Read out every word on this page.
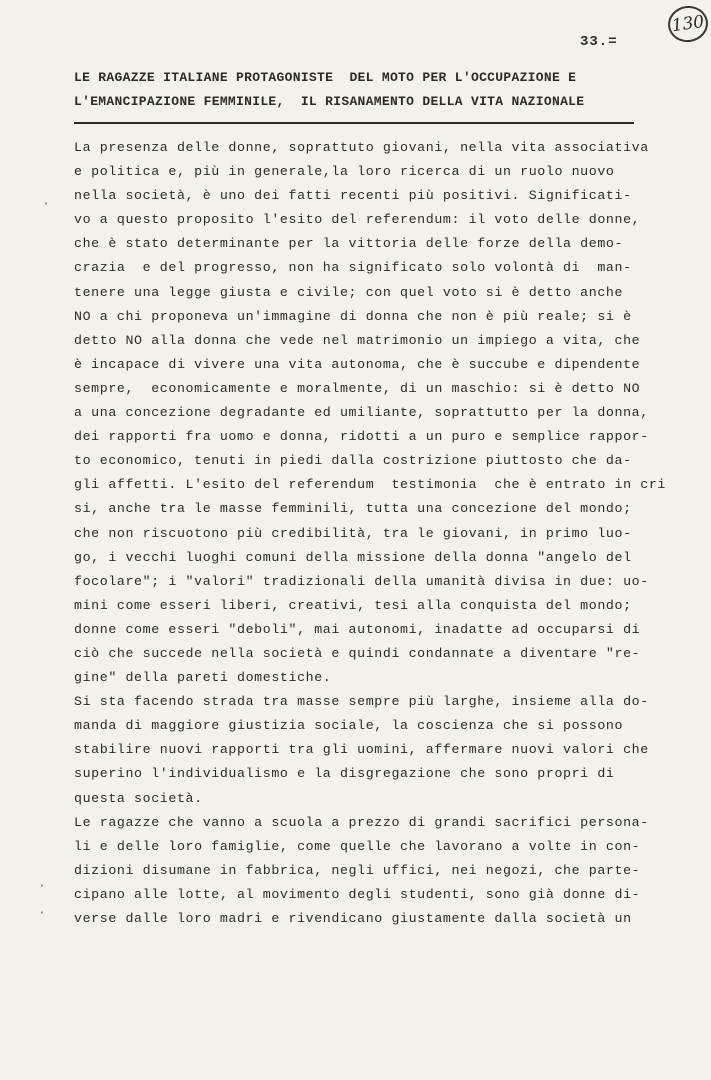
130
33.=
LE RAGAZZE ITALIANE PROTAGONISTE  DEL MOTO PER L'OCCUPAZIONE E
L'EMANCIPAZIONE FEMMINILE,  IL RISANAMENTO DELLA VITA NAZIONALE
La presenza delle donne, soprattuto giovani, nella vita associativa
e politica e, più in generale,la loro ricerca di un ruolo nuovo
nella società, è uno dei fatti recenti più positivi. Significati-
vo a questo proposito l'esito del referendum: il voto delle donne,
che è stato determinante per la vittoria delle forze della demo-
crazia  e del progresso, non ha significato solo volontà di  man-
tenere una legge giusta e civile; con quel voto si è detto anche
NO a chi proponeva un'immagine di donna che non è più reale; si è
detto NO alla donna che vede nel matrimonio un impiego a vita, che
è incapace di vivere una vita autonoma, che è succube e dipendente
sempre,  economicamente e moralmente, di un maschio: si è detto NO
a una concezione degradante ed umiliante, soprattutto per la donna,
dei rapporti fra uomo e donna, ridotti a un puro e semplice rappor-
to economico, tenuti in piedi dalla costrizione piuttosto che da-
gli affetti. L'esito del referendum  testimonia  che è entrato in cri
si, anche tra le masse femminili, tutta una concezione del mondo;
che non riscuotono più credibilità, tra le giovani, in primo luo-
go, i vecchi luoghi comuni della missione della donna "angelo del
focolare"; i "valori" tradizionali della umanità divisa in due: uo-
mini come esseri liberi, creativi, tesi alla conquista del mondo;
donne come esseri "deboli", mai autonomi, inadatte ad occuparsi di
ciò che succede nella società e quindi condannate a diventare "re-
gine" della pareti domestiche.
Si sta facendo strada tra masse sempre più larghe, insieme alla do-
manda di maggiore giustizia sociale, la coscienza che si possono
stabilire nuovi rapporti tra gli uomini, affermare nuovi valori che
superino l'individualismo e la disgregazione che sono propri di
questa società.
Le ragazze che vanno a scuola a prezzo di grandi sacrifici persona-
li e delle loro famiglie, come quelle che lavorano a volte in con-
dizioni disumane in fabbrica, negli uffici, nei negozi, che parte-
cipano alle lotte, al movimento degli studenti, sono già donne di-
verse dalle loro madri e rivendicano giustamente dalla società un
·
·
·
